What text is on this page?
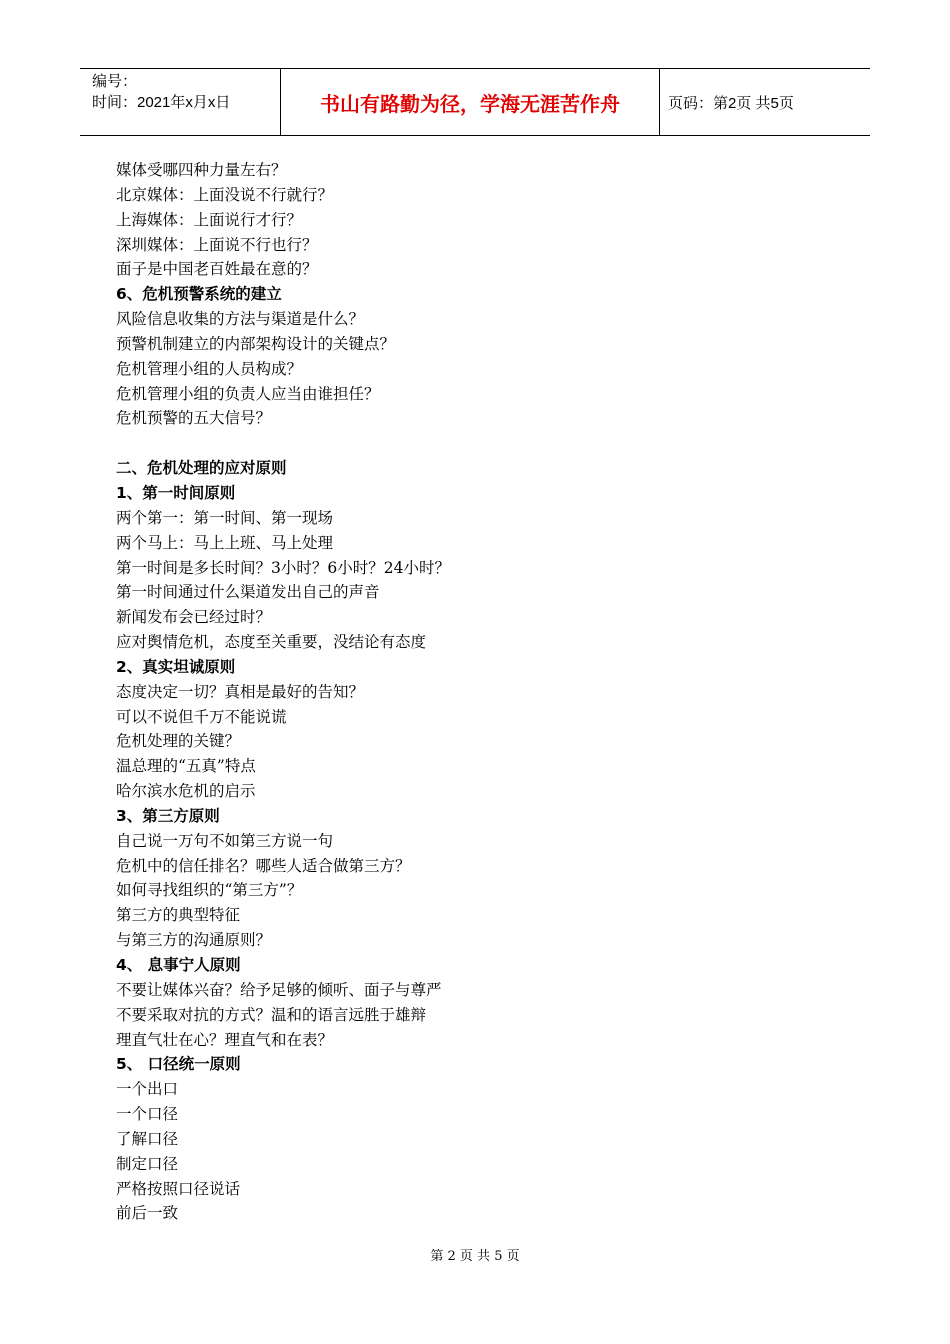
编号：
时间：2021年x月x日	书山有路勤为径，学海无涯苦作舟	页码：第2页 共5页
媒体受哪四种力量左右？
北京媒体：上面没说不行就行？
上海媒体：上面说行才行？
深圳媒体：上面说不行也行？
面子是中国老百姓最在意的？
6、危机预警系统的建立
风险信息收集的方法与渠道是什么？
预警机制建立的内部架构设计的关键点？
危机管理小组的人员构成？
危机管理小组的负责人应当由谁担任？
危机预警的五大信号？
二、危机处理的应对原则
1、第一时间原则
两个第一：第一时间、第一现场
两个马上：马上上班、马上处理
第一时间是多长时间？3小时？6小时？24小时？
第一时间通过什么渠道发出自己的声音
新闻发布会已经过时？
应对舆情危机，态度至关重要，没结论有态度
2、真实坦诚原则
态度决定一切？真相是最好的告知？
可以不说但千万不能说谎
危机处理的关键？
温总理的“五真”特点
哈尔滨水危机的启示
3、第三方原则
自己说一万句不如第三方说一句
危机中的信任排名？哪些人适合做第三方？
如何寻找组织的“第三方”？
第三方的典型特征
与第三方的沟通原则？
4、 息事宁人原则
不要让媒体兴奋？给予足够的倾听、面子与尊严
不要采取对抗的方式？温和的语言远胜于雄辩
理直气壮在心？理直气和在表？
5、 口径统一原则
一个出口
一个口径
了解口径
制定口径
严格按照口径说话
前后一致
第 2 页 共 5 页
